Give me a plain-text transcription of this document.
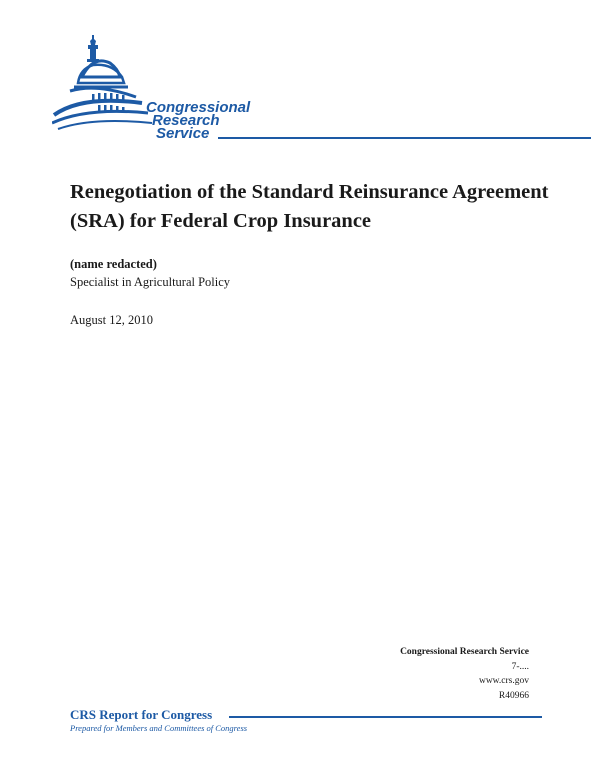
Congressional
Research
Service
Renegotiation of the Standard Reinsurance Agreement (SRA) for Federal Crop Insurance
(name redacted)
Specialist in Agricultural Policy
August 12, 2010
Congressional Research Service
7-....
www.crs.gov
R40966
CRS Report for Congress
Prepared for Members and Committees of Congress
